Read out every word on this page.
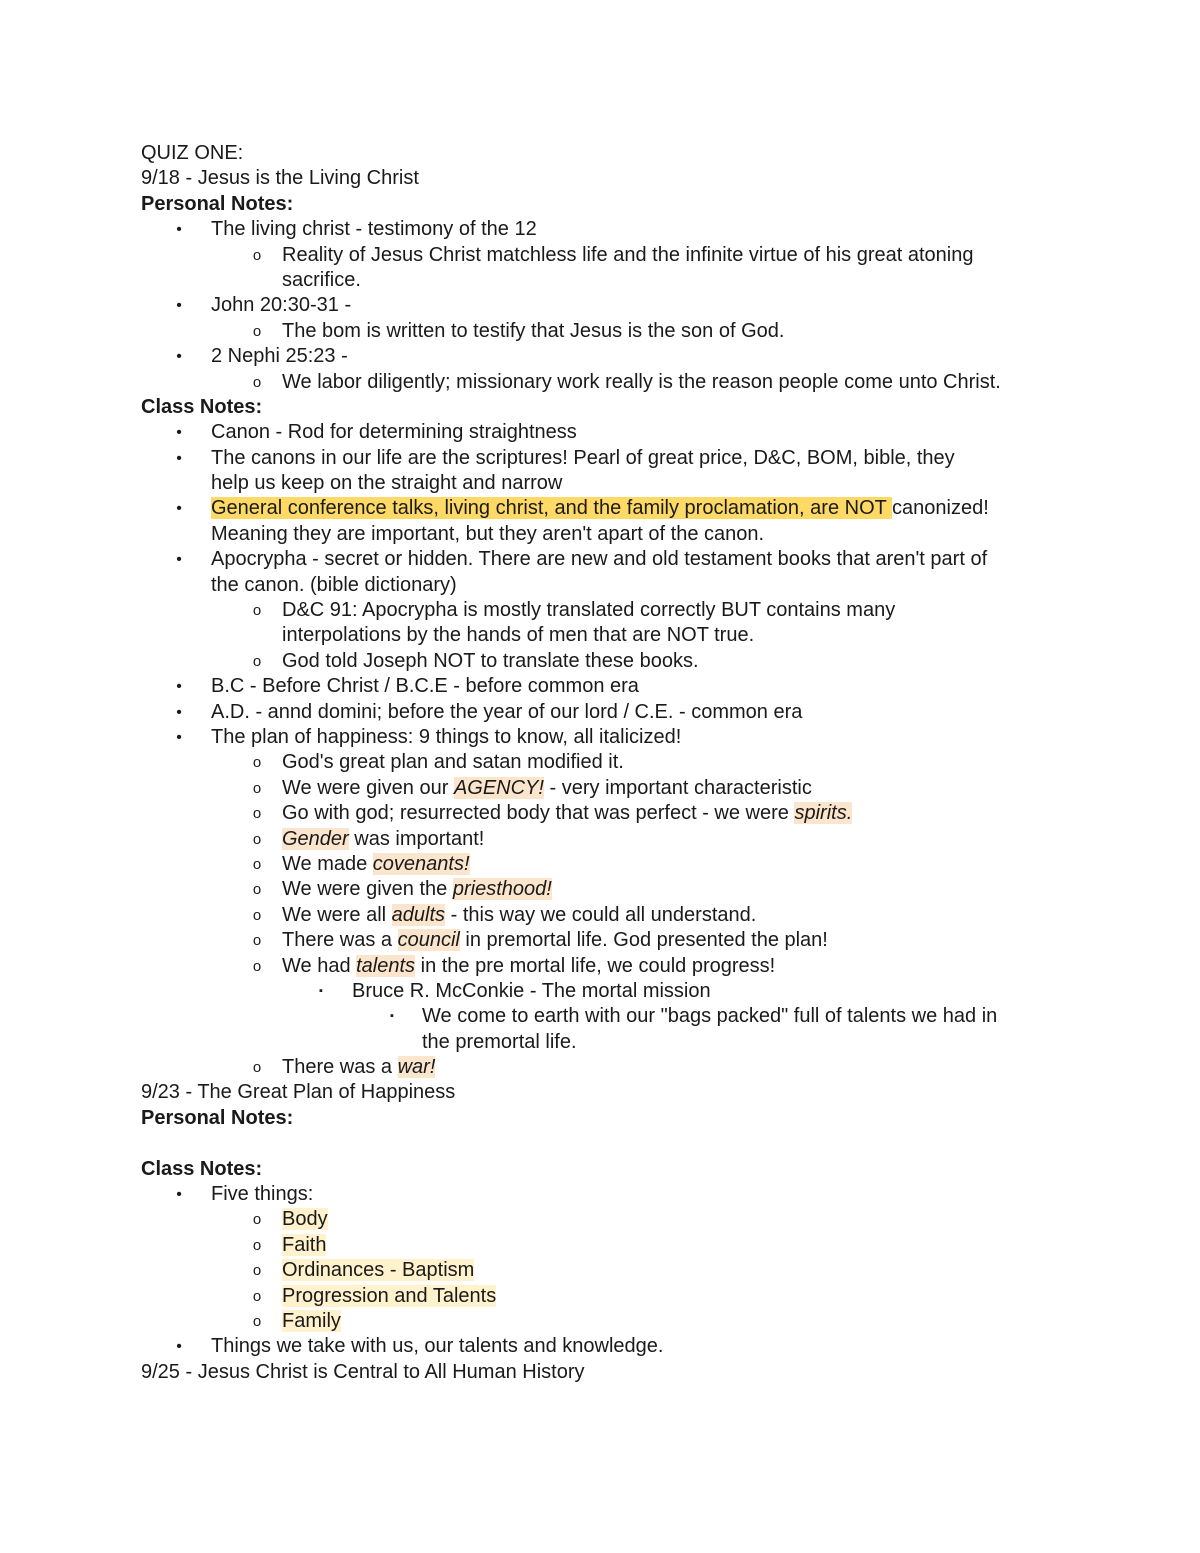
QUIZ ONE:
9/18 - Jesus is the Living Christ
Personal Notes:
• The living christ - testimony of the 12
o Reality of Jesus Christ matchless life and the infinite virtue of his great atoning
sacrifice.
• John 20:30-31 -
o The bom is written to testify that Jesus is the son of God.
• 2 Nephi 25:23 -
o We labor diligently; missionary work really is the reason people come unto Christ.
Class Notes:
• Canon - Rod for determining straightness
• The canons in our life are the scriptures! Pearl of great price, D&C, BOM, bible, they
help us keep on the straight and narrow
• General conference talks, living christ, and the family proclamation, are NOT canonized!
Meaning they are important, but they aren't apart of the canon.
• Apocrypha - secret or hidden. There are new and old testament books that aren't part of
the canon. (bible dictionary)
o D&C 91: Apocrypha is mostly translated correctly BUT contains many
interpolations by the hands of men that are NOT true.
o God told Joseph NOT to translate these books.
• B.C - Before Christ / B.C.E - before common era
• A.D. - annd domini; before the year of our lord / C.E. - common era
• The plan of happiness: 9 things to know, all italicized!
o God's great plan and satan modified it.
o We were given our AGENCY! - very important characteristic
o Go with god; resurrected body that was perfect - we were spirits.
o Gender was important!
o We made covenants!
o We were given the priesthood!
o We were all adults - this way we could all understand.
o There was a council in premortal life. God presented the plan!
o We had talents in the pre mortal life, we could progress!
▪	Bruce R. McConkie - The mortal mission
▪	We come to earth with our "bags packed" full of talents we had in
the premortal life.
o There was a war!
9/23 - The Great Plan of Happiness
Personal Notes:
Class Notes:
• Five things:
o Body
o Faith
o Ordinances - Baptism
o Progression and Talents
o Family
• Things we take with us, our talents and knowledge.
9/25 - Jesus Christ is Central to All Human History
